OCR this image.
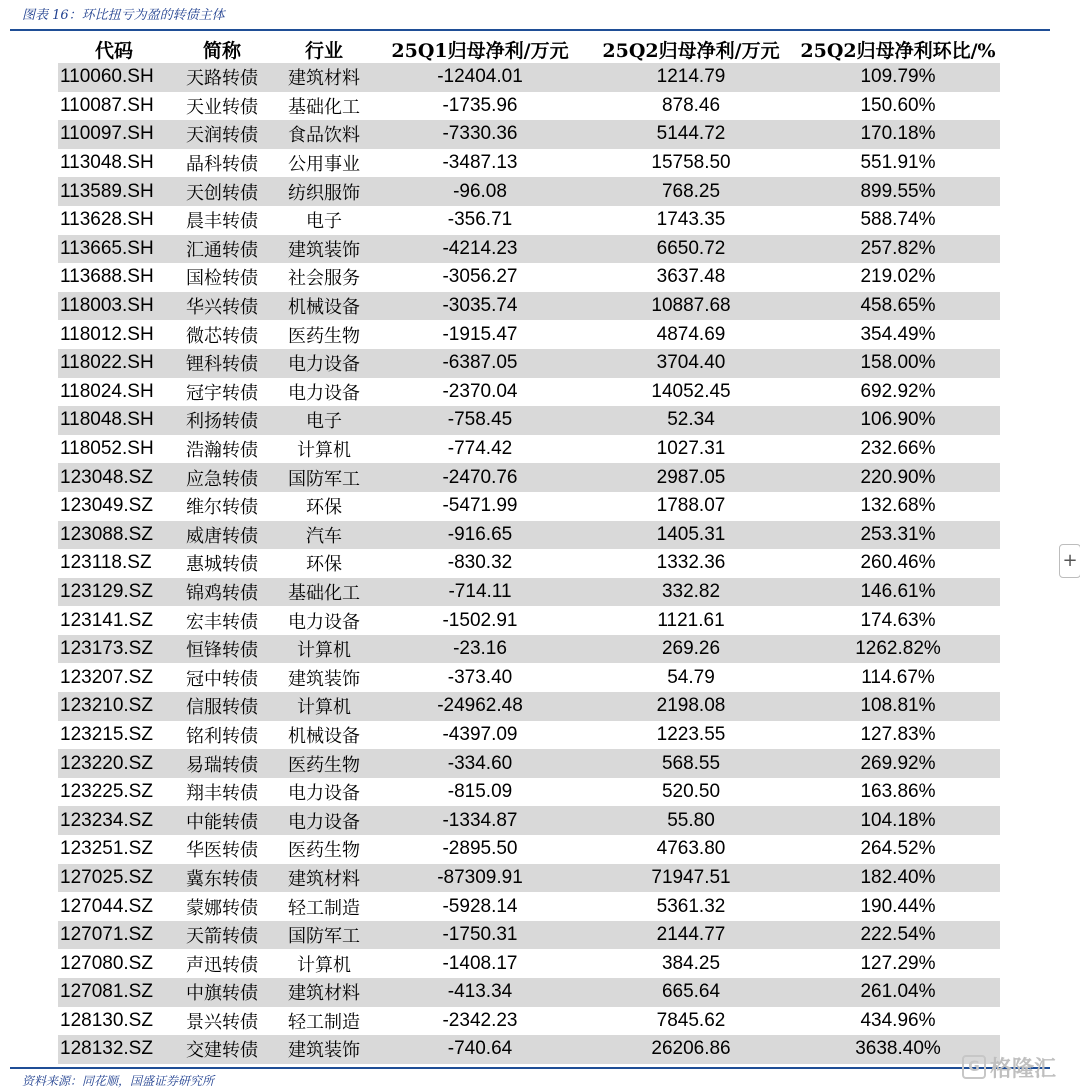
图表 16：环比扭亏为盈的转债主体
代码	简称	行业	25Q1归母净利/万元	25Q2归母净利/万元	25Q2归母净利环比/%
110060.SH	天路转债	建筑材料	-12404.01	1214.79	109.79%
110087.SH	天业转债	基础化工	-1735.96	878.46	150.60%
110097.SH	天润转债	食品饮料	-7330.36	5144.72	170.18%
113048.SH	晶科转债	公用事业	-3487.13	15758.50	551.91%
113589.SH	天创转债	纺织服饰	-96.08	768.25	899.55%
113628.SH	晨丰转债	电子	-356.71	1743.35	588.74%
113665.SH	汇通转债	建筑装饰	-4214.23	6650.72	257.82%
113688.SH	国检转债	社会服务	-3056.27	3637.48	219.02%
118003.SH	华兴转债	机械设备	-3035.74	10887.68	458.65%
118012.SH	微芯转债	医药生物	-1915.47	4874.69	354.49%
118022.SH	锂科转债	电力设备	-6387.05	3704.40	158.00%
118024.SH	冠宇转债	电力设备	-2370.04	14052.45	692.92%
118048.SH	利扬转债	电子	-758.45	52.34	106.90%
118052.SH	浩瀚转债	计算机	-774.42	1027.31	232.66%
123048.SZ	应急转债	国防军工	-2470.76	2987.05	220.90%
123049.SZ	维尔转债	环保	-5471.99	1788.07	132.68%
123088.SZ	威唐转债	汽车	-916.65	1405.31	253.31%
123118.SZ	惠城转债	环保	-830.32	1332.36	260.46%
123129.SZ	锦鸡转债	基础化工	-714.11	332.82	146.61%
123141.SZ	宏丰转债	电力设备	-1502.91	1121.61	174.63%
123173.SZ	恒锋转债	计算机	-23.16	269.26	1262.82%
123207.SZ	冠中转债	建筑装饰	-373.40	54.79	114.67%
123210.SZ	信服转债	计算机	-24962.48	2198.08	108.81%
123215.SZ	铭利转债	机械设备	-4397.09	1223.55	127.83%
123220.SZ	易瑞转债	医药生物	-334.60	568.55	269.92%
123225.SZ	翔丰转债	电力设备	-815.09	520.50	163.86%
123234.SZ	中能转债	电力设备	-1334.87	55.80	104.18%
123251.SZ	华医转债	医药生物	-2895.50	4763.80	264.52%
127025.SZ	冀东转债	建筑材料	-87309.91	71947.51	182.40%
127044.SZ	蒙娜转债	轻工制造	-5928.14	5361.32	190.44%
127071.SZ	天箭转债	国防军工	-1750.31	2144.77	222.54%
127080.SZ	声迅转债	计算机	-1408.17	384.25	127.29%
127081.SZ	中旗转债	建筑材料	-413.34	665.64	261.04%
128130.SZ	景兴转债	轻工制造	-2342.23	7845.62	434.96%
128132.SZ	交建转债	建筑装饰	-740.64	26206.86	3638.40%
资料来源：同花顺，国盛证券研究所
+
G 格隆汇
